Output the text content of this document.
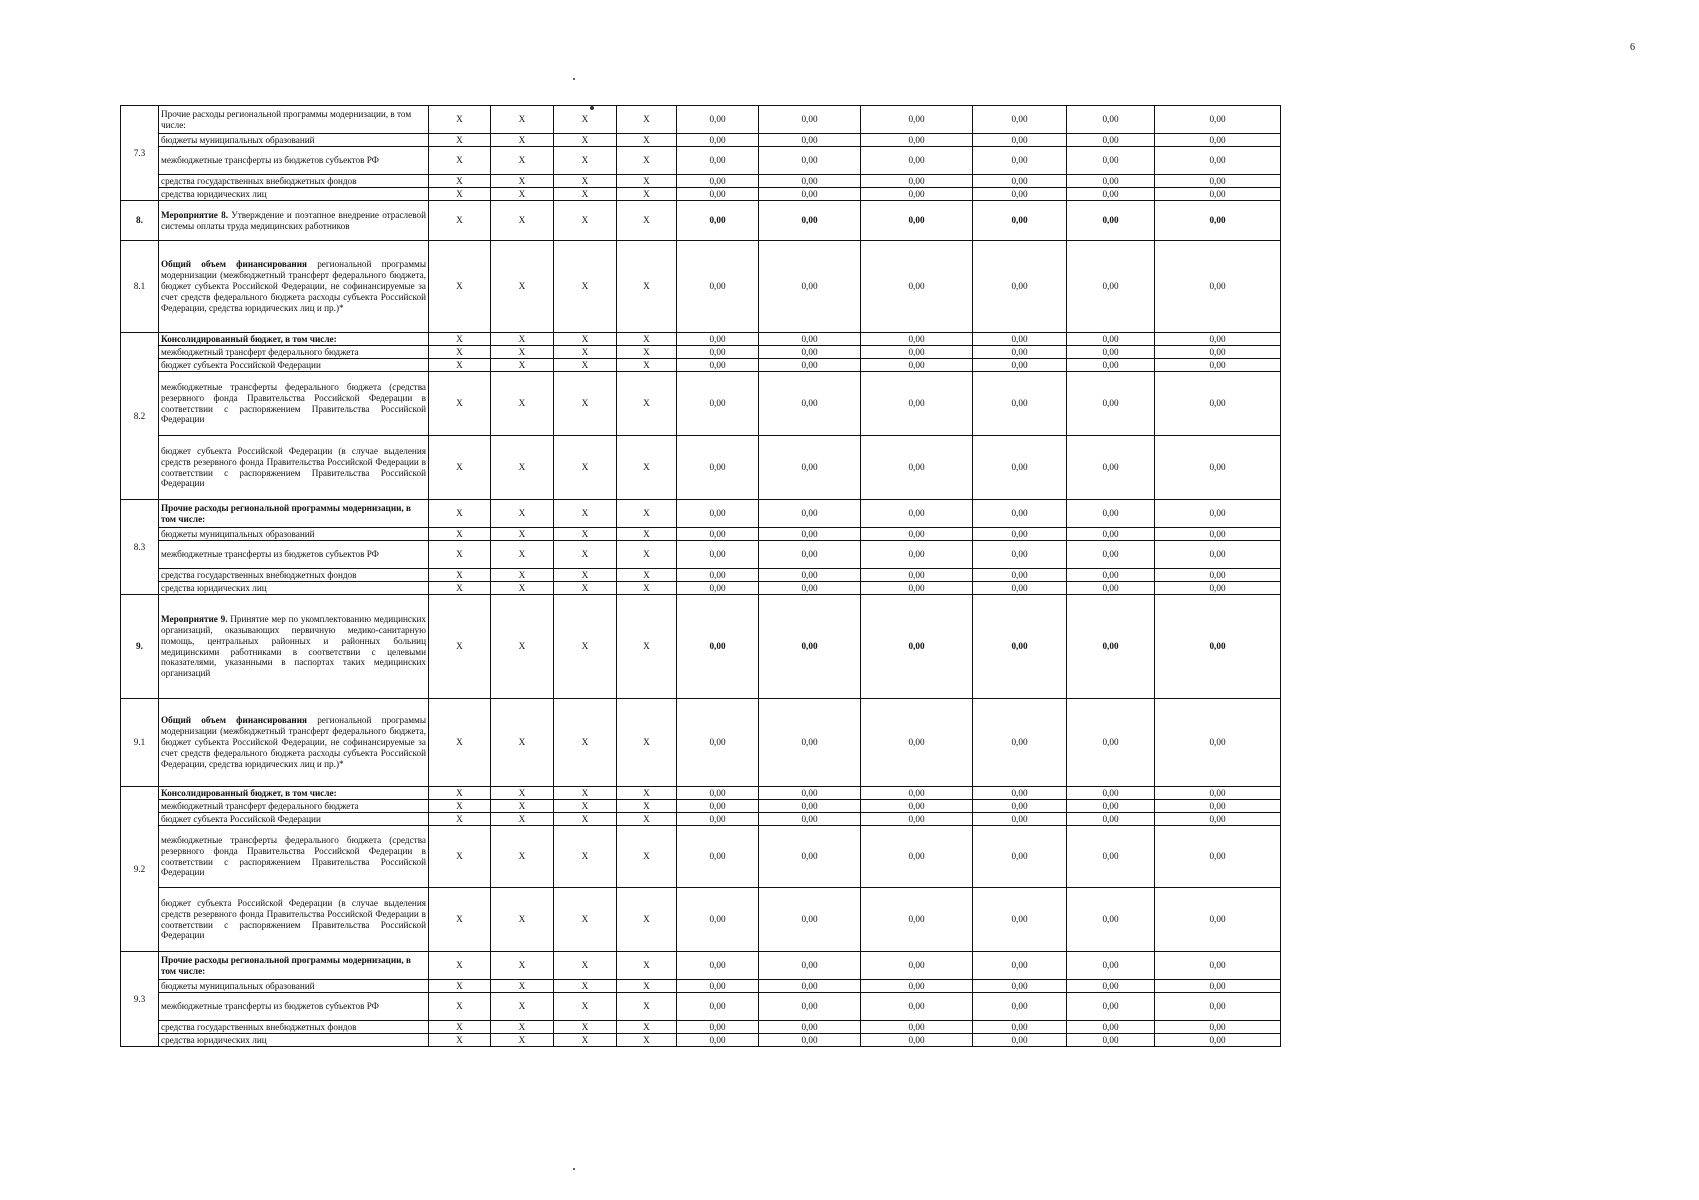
6
7.3	Прочие расходы региональной программы модернизации, в том числе:	X	X	X	X	0,00	0,00	0,00	0,00	0,00	0,00
	бюджеты муниципальных образований	X	X	X	X	0,00	0,00	0,00	0,00	0,00	0,00
	межбюджетные трансферты из бюджетов субъектов РФ	X	X	X	X	0,00	0,00	0,00	0,00	0,00	0,00
	средства государственных внебюджетных фондов	X	X	X	X	0,00	0,00	0,00	0,00	0,00	0,00
	средства юридических лиц	X	X	X	X	0,00	0,00	0,00	0,00	0,00	0,00
8.	Мероприятие 8. Утверждение и поэтапное внедрение отраслевой системы оплаты труда медицинских работников	X	X	X	X	0,00	0,00	0,00	0,00	0,00	0,00
8.1	Общий объем финансирования региональной программы модернизации (межбюджетный трансферт федерального бюджета, бюджет субъекта Российской Федерации, не софинансируемые за счет средств федерального бюджета расходы субъекта Российской Федерации, средства юридических лиц и пр.)*	X	X	X	X	0,00	0,00	0,00	0,00	0,00	0,00
8.2	Консолидированный бюджет, в том числе:	X	X	X	X	0,00	0,00	0,00	0,00	0,00	0,00
	межбюджетный трансферт федерального бюджета	X	X	X	X	0,00	0,00	0,00	0,00	0,00	0,00
	бюджет субъекта Российской Федерации	X	X	X	X	0,00	0,00	0,00	0,00	0,00	0,00
	межбюджетные трансферты федерального бюджета (средства резервного фонда Правительства Российской Федерации в соответствии с распоряжением Правительства Российской Федерации	X	X	X	X	0,00	0,00	0,00	0,00	0,00	0,00
	бюджет субъекта Российской Федерации (в случае выделения средств резервного фонда Правительства Российской Федерации в соответствии с распоряжением Правительства Российской Федерации	X	X	X	X	0,00	0,00	0,00	0,00	0,00	0,00
8.3	Прочие расходы региональной программы модернизации, в том числе:	X	X	X	X	0,00	0,00	0,00	0,00	0,00	0,00
	бюджеты муниципальных образований	X	X	X	X	0,00	0,00	0,00	0,00	0,00	0,00
	межбюджетные трансферты из бюджетов субъектов РФ	X	X	X	X	0,00	0,00	0,00	0,00	0,00	0,00
	средства государственных внебюджетных фондов	X	X	X	X	0,00	0,00	0,00	0,00	0,00	0,00
	средства юридических лиц	X	X	X	X	0,00	0,00	0,00	0,00	0,00	0,00
9.	Мероприятие 9. Принятие мер по укомплектованию медицинских организаций, оказывающих первичную медико-санитарную помощь, центральных районных и районных больниц медицинскими работниками в соответствии с целевыми показателями, указанными в паспортах таких медицинских организаций	X	X	X	X	0,00	0,00	0,00	0,00	0,00	0,00
9.1	Общий объем финансирования региональной программы модернизации (межбюджетный трансферт федерального бюджета, бюджет субъекта Российской Федерации, не софинансируемые за счет средств федерального бюджета расходы субъекта Российской Федерации, средства юридических лиц и пр.)*	X	X	X	X	0,00	0,00	0,00	0,00	0,00	0,00
9.2	Консолидированный бюджет, в том числе:	X	X	X	X	0,00	0,00	0,00	0,00	0,00	0,00
	межбюджетный трансферт федерального бюджета	X	X	X	X	0,00	0,00	0,00	0,00	0,00	0,00
	бюджет субъекта Российской Федерации	X	X	X	X	0,00	0,00	0,00	0,00	0,00	0,00
	межбюджетные трансферты федерального бюджета (средства резервного фонда Правительства Российской Федерации в соответствии с распоряжением Правительства Российской Федерации	X	X	X	X	0,00	0,00	0,00	0,00	0,00	0,00
	бюджет субъекта Российской Федерации (в случае выделения средств резервного фонда Правительства Российской Федерации в соответствии с распоряжением Правительства Российской Федерации	X	X	X	X	0,00	0,00	0,00	0,00	0,00	0,00
9.3	Прочие расходы региональной программы модернизации, в том числе:	X	X	X	X	0,00	0,00	0,00	0,00	0,00	0,00
	бюджеты муниципальных образований	X	X	X	X	0,00	0,00	0,00	0,00	0,00	0,00
	межбюджетные трансферты из бюджетов субъектов РФ	X	X	X	X	0,00	0,00	0,00	0,00	0,00	0,00
	средства государственных внебюджетных фондов	X	X	X	X	0,00	0,00	0,00	0,00	0,00	0,00
	средства юридических лиц	X	X	X	X	0,00	0,00	0,00	0,00	0,00	0,00
